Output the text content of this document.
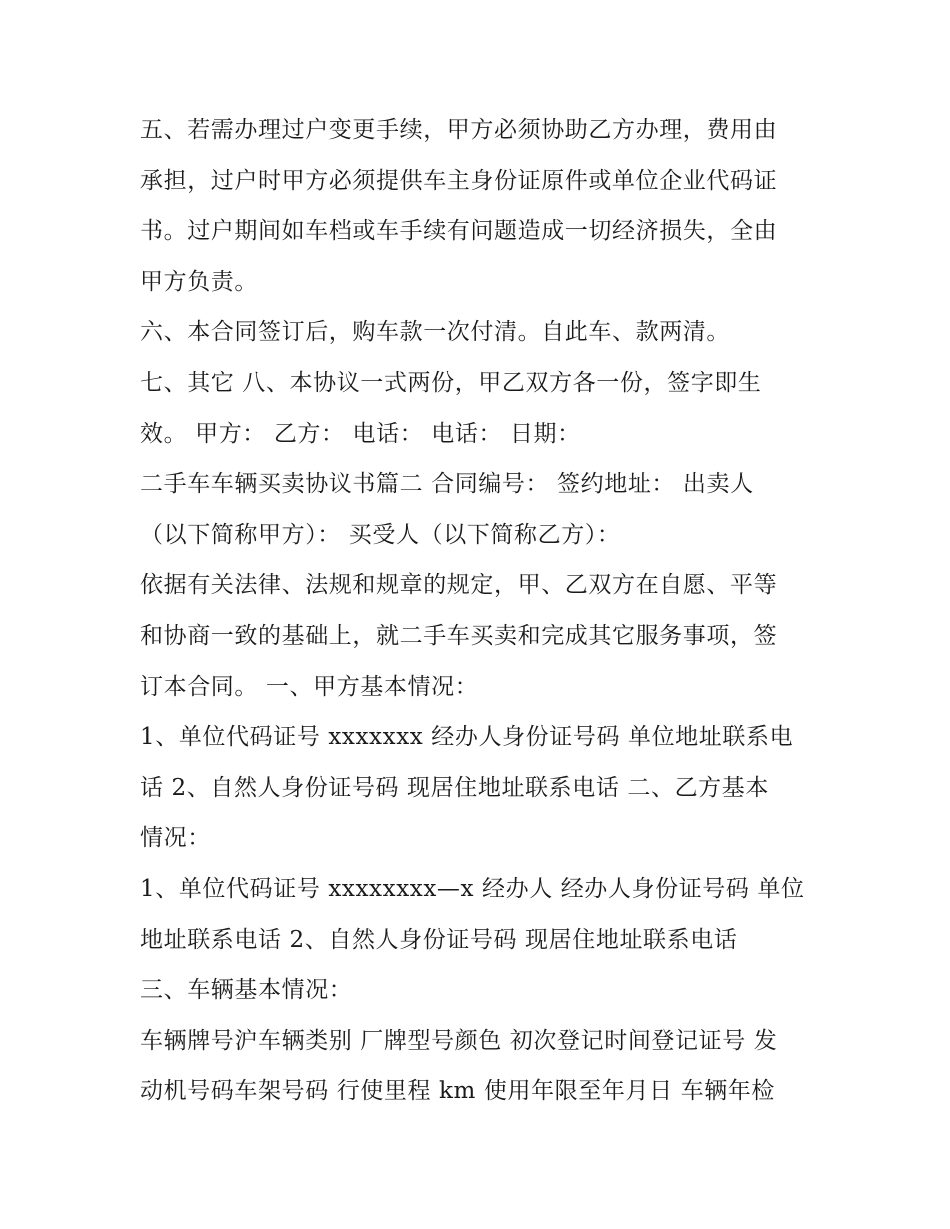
五、若需办理过户变更手续，甲方必须协助乙方办理，费用由
承担，过户时甲方必须提供车主身份证原件或单位企业代码证
书。过户期间如车档或车手续有问题造成一切经济损失，全由
甲方负责。

六、本合同签订后，购车款一次付清。自此车、款两清。

七、其它 八、本协议一式两份，甲乙双方各一份，签字即生
效。 甲方： 乙方： 电话： 电话： 日期：

二手车车辆买卖协议书篇二 合同编号： 签约地址： 出卖人
（以下简称甲方）： 买受人（以下简称乙方）：

依据有关法律、法规和规章的规定，甲、乙双方在自愿、平等
和协商一致的基础上，就二手车买卖和完成其它服务事项，签
订本合同。 一、甲方基本情况：

1、单位代码证号 xxxxxxx 经办人身份证号码 单位地址联系电
话 2、自然人身份证号码 现居住地址联系电话 二、乙方基本
情况：

1、单位代码证号 xxxxxxxx—x 经办人 经办人身份证号码 单位
地址联系电话 2、自然人身份证号码 现居住地址联系电话

三、车辆基本情况：

车辆牌号沪车辆类别 厂牌型号颜色 初次登记时间登记证号 发
动机号码车架号码 行使里程 km 使用年限至年月日 车辆年检
